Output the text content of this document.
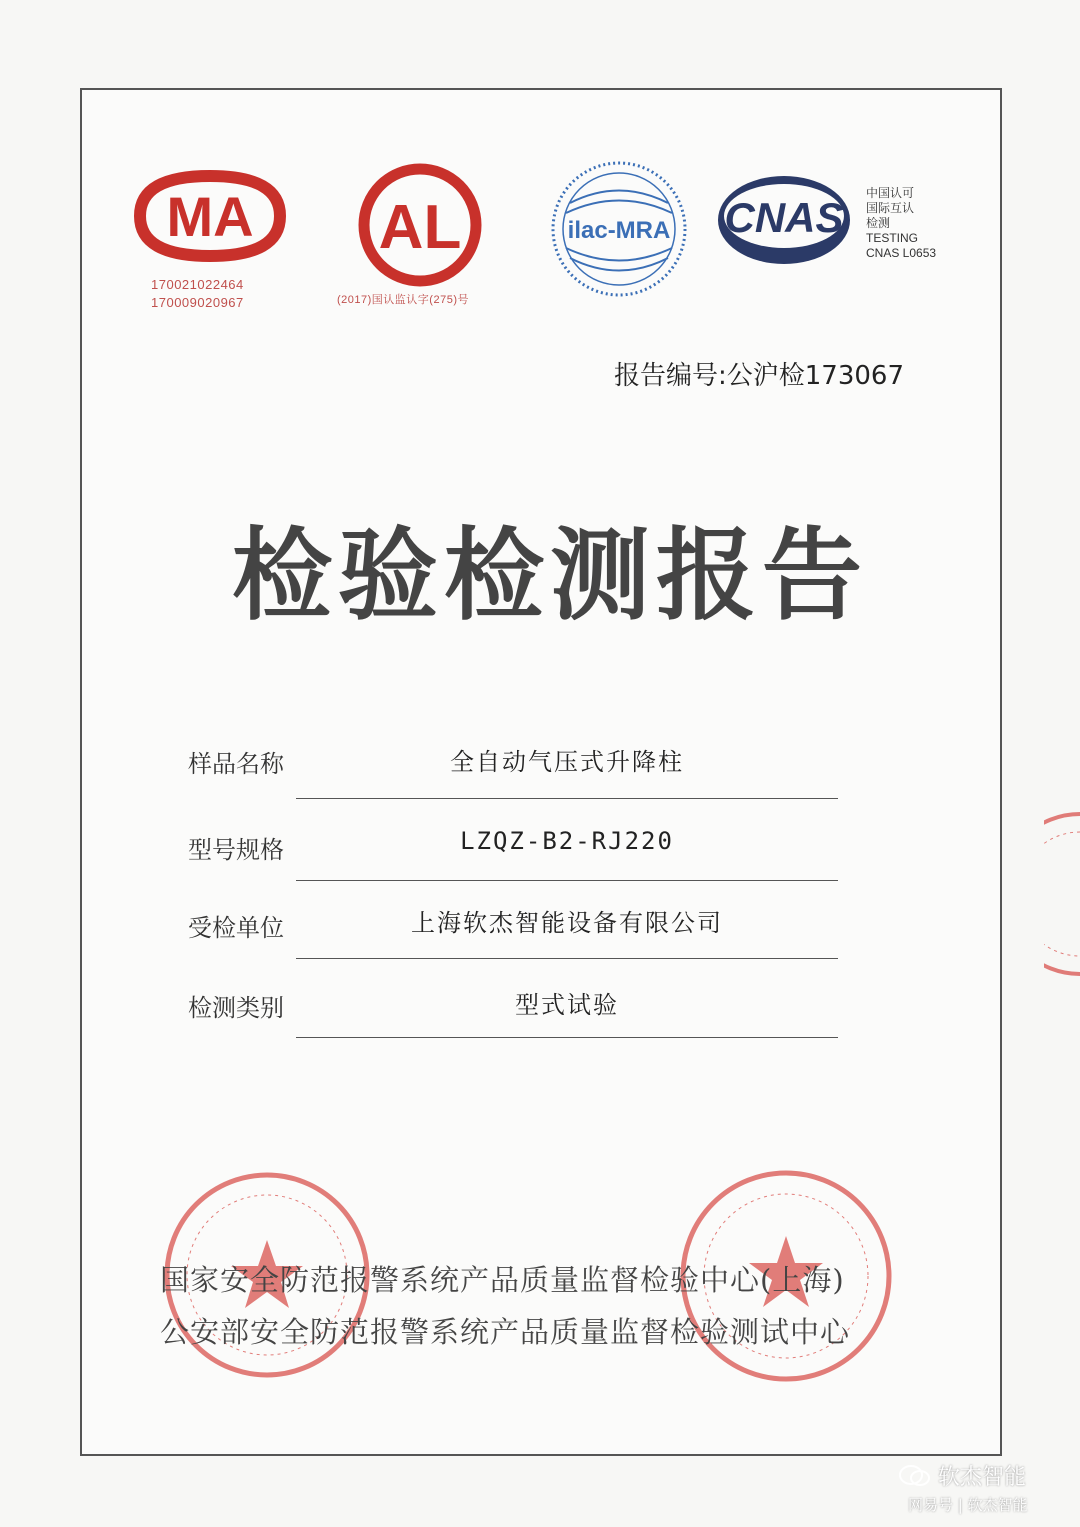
MA
170021022464
170009020967
AL
(2017)国认监认字(275)号
ilac-MRA CNAS
中国认可
国际互认
检测
TESTING
CNAS L0653
报告编号:公沪检173067
检验检测报告
样品名称	全自动气压式升降柱
型号规格	LZQZ-B2-RJ220
受检单位	上海软杰智能设备有限公司
检测类别	型式试验
国家安全防范报警系统产品质量监督检验中心(上海)
公安部安全防范报警系统产品质量监督检验测试中心
软杰智能
网易号 | 软杰智能
